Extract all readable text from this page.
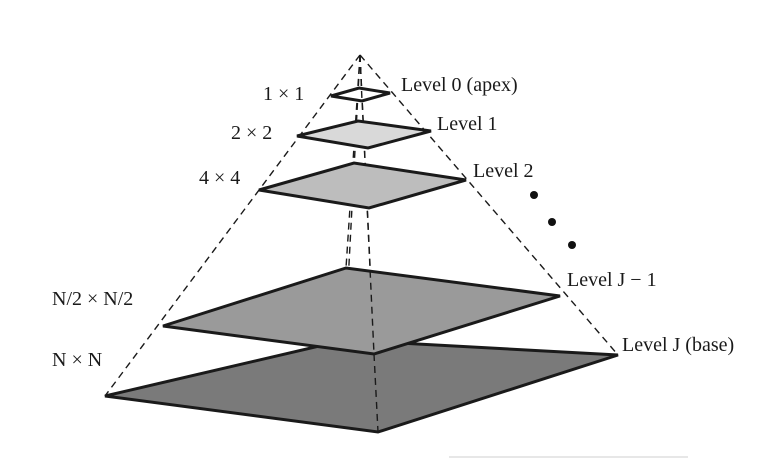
Level 0 (apex)
Level 1
Level 2
Level J − 1
Level J (base)
1 × 1
2 × 2
4 × 4
N/2 × N/2
N × N
